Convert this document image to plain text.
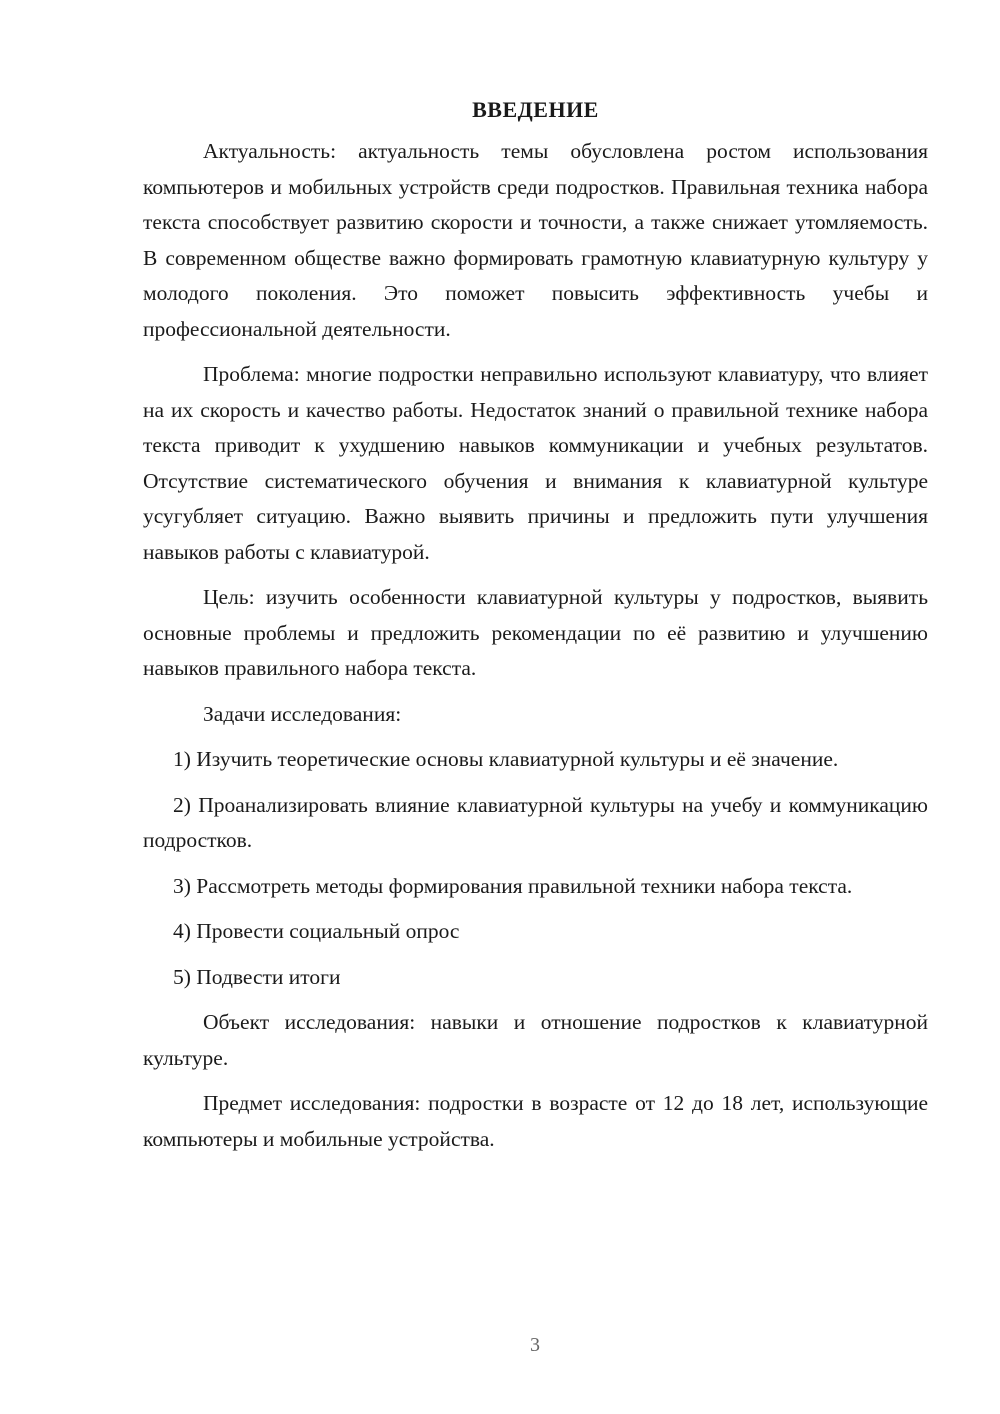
ВВЕДЕНИЕ

Актуальность: актуальность темы обусловлена ростом использования компьютеров и мобильных устройств среди подростков. Правильная техника набора текста способствует развитию скорости и точности, а также снижает утомляемость. В современном обществе важно формировать грамотную клавиатурную культуру у молодого поколения. Это поможет повысить эффективность учебы и профессиональной деятельности.

Проблема: многие подростки неправильно используют клавиатуру, что влияет на их скорость и качество работы. Недостаток знаний о правильной технике набора текста приводит к ухудшению навыков коммуникации и учебных результатов. Отсутствие систематического обучения и внимания к клавиатурной культуре усугубляет ситуацию. Важно выявить причины и предложить пути улучшения навыков работы с клавиатурой.

Цель: изучить особенности клавиатурной культуры у подростков, выявить основные проблемы и предложить рекомендации по её развитию и улучшению навыков правильного набора текста.

Задачи исследования:

1) Изучить теоретические основы клавиатурной культуры и её значение.

2) Проанализировать влияние клавиатурной культуры на учебу и коммуникацию подростков.

3) Рассмотреть методы формирования правильной техники набора текста.

4) Провести социальный опрос

5) Подвести итоги

Объект исследования: навыки и отношение подростков к клавиатурной культуре.

Предмет исследования: подростки в возрасте от 12 до 18 лет, использующие компьютеры и мобильные устройства.

3
